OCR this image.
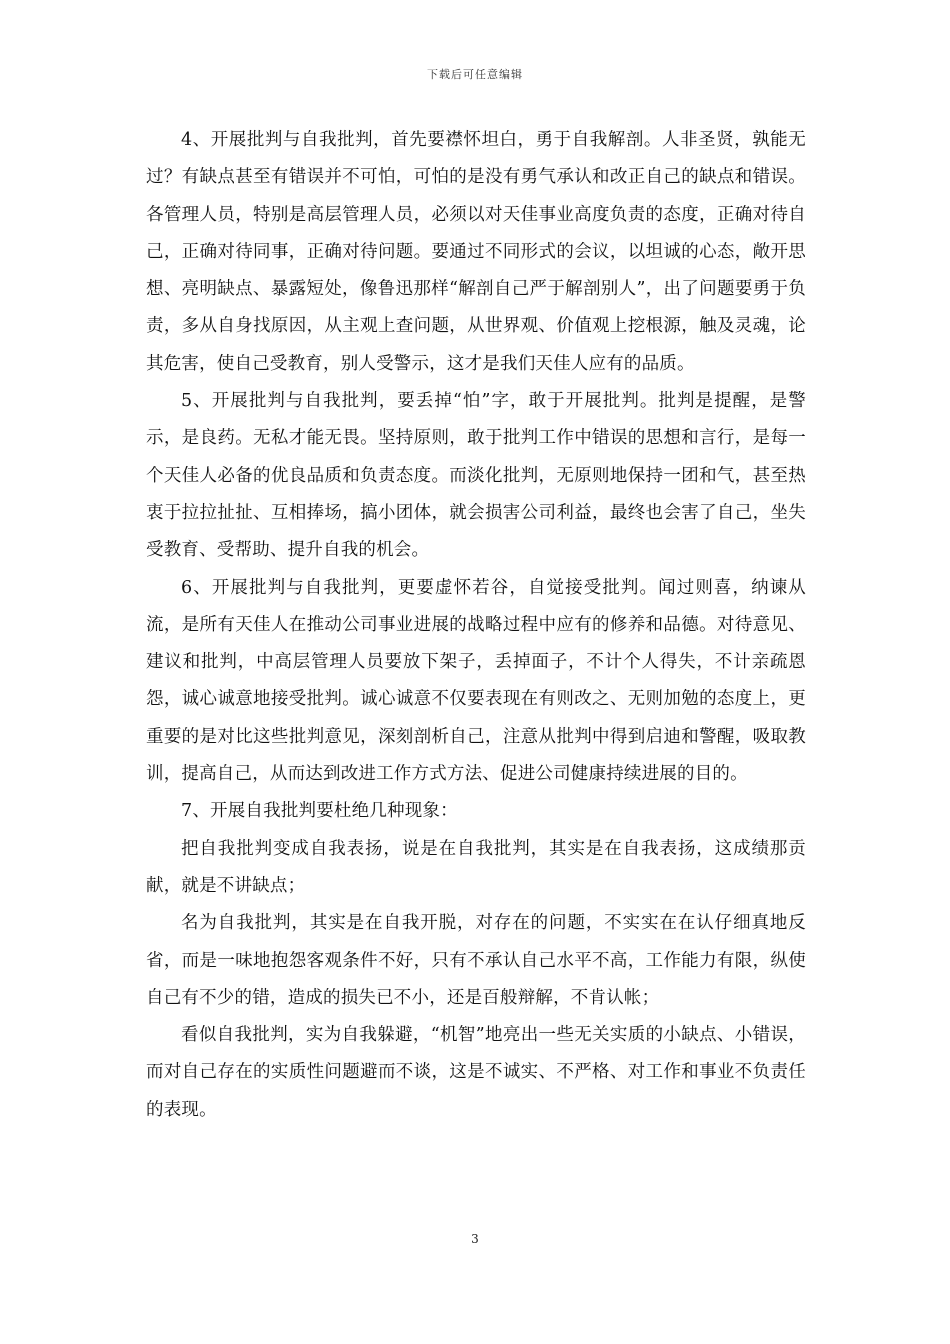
下载后可任意编辑

4、开展批判与自我批判，首先要襟怀坦白，勇于自我解剖。人非圣贤，孰能无过？有缺点甚至有错误并不可怕，可怕的是没有勇气承认和改正自己的缺点和错误。各管理人员，特别是高层管理人员，必须以对天佳事业高度负责的态度，正确对待自己，正确对待同事，正确对待问题。要通过不同形式的会议，以坦诚的心态，敞开思想、亮明缺点、暴露短处，像鲁迅那样“解剖自己严于解剖别人”，出了问题要勇于负责，多从自身找原因，从主观上查问题，从世界观、价值观上挖根源，触及灵魂，论其危害，使自己受教育，别人受警示，这才是我们天佳人应有的品质。

5、开展批判与自我批判，要丢掉“怕”字，敢于开展批判。批判是提醒，是警示，是良药。无私才能无畏。坚持原则，敢于批判工作中错误的思想和言行，是每一个天佳人必备的优良品质和负责态度。而淡化批判，无原则地保持一团和气，甚至热衷于拉拉扯扯、互相捧场，搞小团体，就会损害公司利益，最终也会害了自己，坐失受教育、受帮助、提升自我的机会。

6、开展批判与自我批判，更要虚怀若谷，自觉接受批判。闻过则喜，纳谏从流，是所有天佳人在推动公司事业进展的战略过程中应有的修养和品德。对待意见、建议和批判，中高层管理人员要放下架子，丢掉面子，不计个人得失，不计亲疏恩怨，诚心诚意地接受批判。诚心诚意不仅要表现在有则改之、无则加勉的态度上，更重要的是对比这些批判意见，深刻剖析自己，注意从批判中得到启迪和警醒，吸取教训，提高自己，从而达到改进工作方式方法、促进公司健康持续进展的目的。

7、开展自我批判要杜绝几种现象：

把自我批判变成自我表扬，说是在自我批判，其实是在自我表扬，这成绩那贡献，就是不讲缺点；

名为自我批判，其实是在自我开脱，对存在的问题，不实实在在认仔细真地反省，而是一味地抱怨客观条件不好，只有不承认自己水平不高，工作能力有限，纵使自己有不少的错，造成的损失已不小，还是百般辩解，不肯认帐；

看似自我批判，实为自我躲避，“机智”地亮出一些无关实质的小缺点、小错误，而对自己存在的实质性问题避而不谈，这是不诚实、不严格、对工作和事业不负责任的表现。

3
